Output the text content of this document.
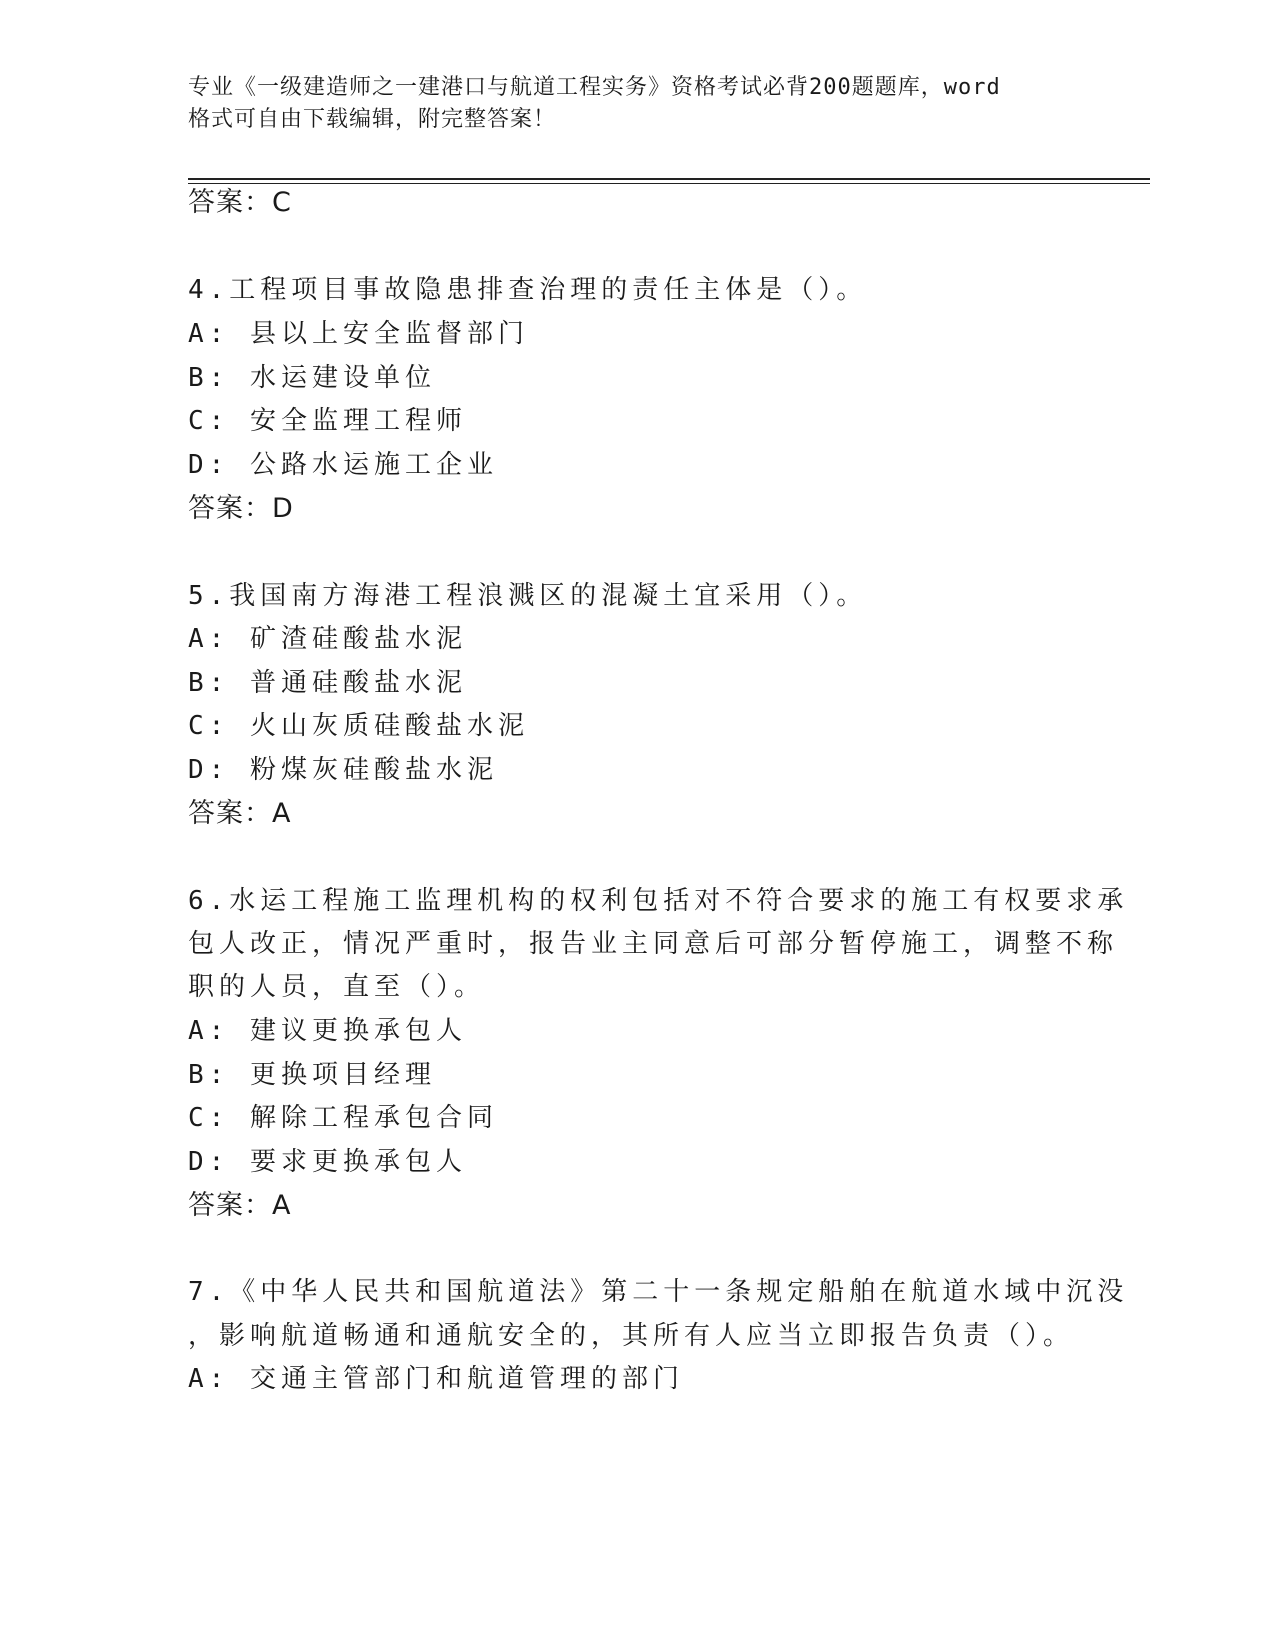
专业《一级建造师之一建港口与航道工程实务》资格考试必背200题题库，word
格式可自由下载编辑，附完整答案！
答案：C
4.工程项目事故隐患排查治理的责任主体是（）。
A: 县以上安全监督部门
B: 水运建设单位
C: 安全监理工程师
D: 公路水运施工企业
答案：D
5.我国南方海港工程浪溅区的混凝土宜采用（）。
A: 矿渣硅酸盐水泥
B: 普通硅酸盐水泥
C: 火山灰质硅酸盐水泥
D: 粉煤灰硅酸盐水泥
答案：A
6.水运工程施工监理机构的权利包括对不符合要求的施工有权要求承
包人改正，情况严重时，报告业主同意后可部分暂停施工，调整不称
职的人员，直至（）。
A: 建议更换承包人
B: 更换项目经理
C: 解除工程承包合同
D: 要求更换承包人
答案：A
7.《中华人民共和国航道法》第二十一条规定船舶在航道水域中沉没
，影响航道畅通和通航安全的，其所有人应当立即报告负责（）。
A: 交通主管部门和航道管理的部门
